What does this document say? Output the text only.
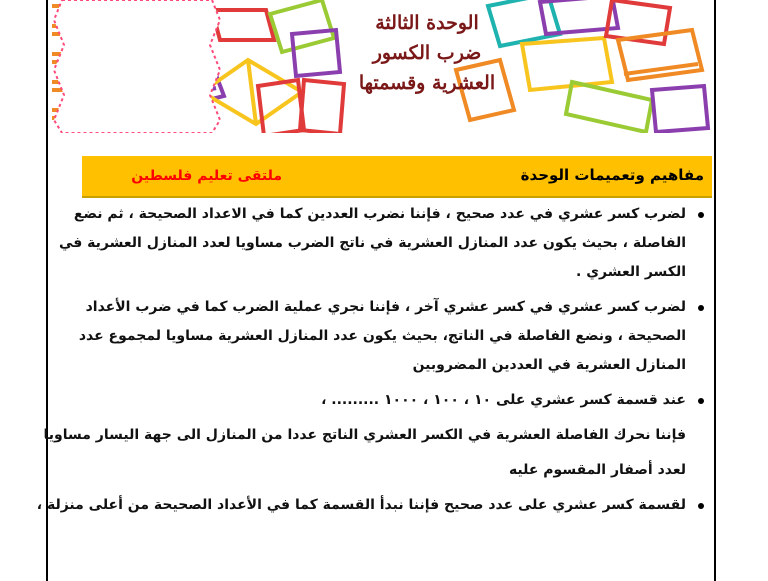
الوحدة الثالثة
ضرب الكسور
العشرية وقسمتها
مفاهيم وتعميمات الوحدة
ملتقى تعليم فلسطين
لضرب كسر عشري في عدد صحيح ، فإننا نضرب العددين كما في الاعداد الصحيحة ، ثم نضع
الفاصلة ، بحيث يكون عدد المنازل العشرية في ناتج الضرب مساويا لعدد المنازل العشرية في
الكسر العشري .
لضرب كسر عشري في كسر عشري آخر ، فإننا نجري عملية الضرب كما في ضرب الأعداد
الصحيحة ، ونضع الفاصلة في الناتج، بحيث يكون عدد المنازل العشرية مساويا لمجموع عدد
المنازل العشرية في العددين المضروبين
عند قسمة كسر عشري على ١٠ ، ١٠٠ ، ١٠٠٠ ......... ،
فإننا نحرك الفاصلة العشرية في الكسر العشري الناتج عددا من المنازل الى جهة اليسار مساويا
لعدد أصفار المقسوم عليه
لقسمة كسر عشري على عدد صحيح فإننا نبدأ القسمة كما في الأعداد الصحيحة من أعلى منزلة ،
